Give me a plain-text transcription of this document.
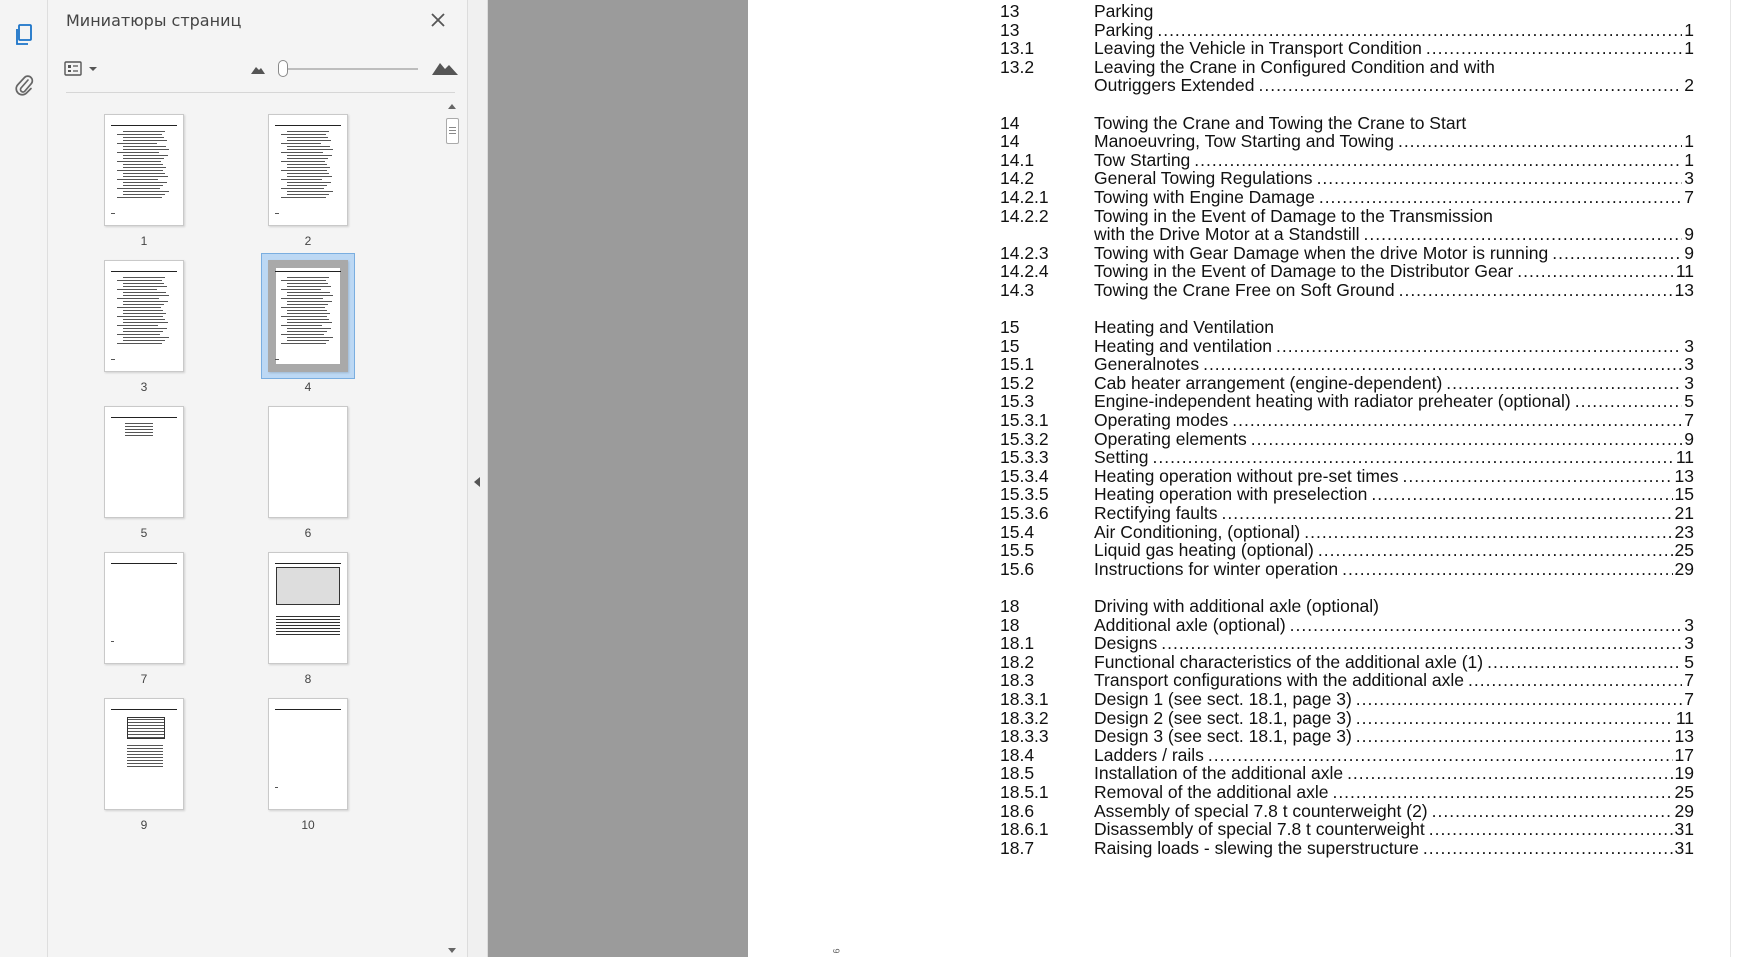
Миниатюры страниц
1	2
3	4
5	6
7	8
9	10
13	Parking
13	Parking .....	1
13.1	Leaving the Vehicle in Transport Condition .....	1
13.2	Leaving the Crane in Configured Condition and with
Outriggers Extended .....	2
14	Towing the Crane and Towing the Crane to Start
14	Manoeuvring, Tow Starting and Towing .....	1
14.1	Tow Starting .....	1
14.2	General Towing Regulations .....	3
14.2.1	Towing with Engine Damage .....	7
14.2.2	Towing in the Event of Damage to the Transmission
with the Drive Motor at a Standstill .....	9
14.2.3	Towing with Gear Damage when the drive Motor is running .....	9
14.2.4	Towing in the Event of Damage to the Distributor Gear .....	11
14.3	Towing the Crane Free on Soft Ground .....	13
15	Heating and Ventilation
15	Heating and ventilation .....	3
15.1	Generalnotes .....	3
15.2	Cab heater arrangement (engine-dependent) .....	3
15.3	Engine-independent heating with radiator preheater (optional) .....	5
15.3.1	Operating modes .....	7
15.3.2	Operating elements .....	9
15.3.3	Setting .....	11
15.3.4	Heating operation without pre-set times .....	13
15.3.5	Heating operation with preselection .....	15
15.3.6	Rectifying faults .....	21
15.4	Air Conditioning, (optional) .....	23
15.5	Liquid gas heating (optional) .....	25
15.6	Instructions for winter operation .....	29
18	Driving with additional axle (optional)
18	Additional axle (optional) .....	3
18.1	Designs .....	3
18.2	Functional characteristics of the additional axle (1) .....	5
18.3	Transport configurations with the additional axle .....	7
18.3.1	Design 1 (see sect. 18.1, page 3) .....	7
18.3.2	Design 2 (see sect. 18.1, page 3) .....	11
18.3.3	Design 3 (see sect. 18.1, page 3) .....	13
18.4	Ladders / rails .....	17
18.5	Installation of the additional axle .....	19
18.5.1	Removal of the additional axle .....	25
18.6	Assembly of special 7.8 t counterweight (2) .....	29
18.6.1	Disassembly of special 7.8 t counterweight .....	31
18.7	Raising loads - slewing the superstructure .....	31
6
